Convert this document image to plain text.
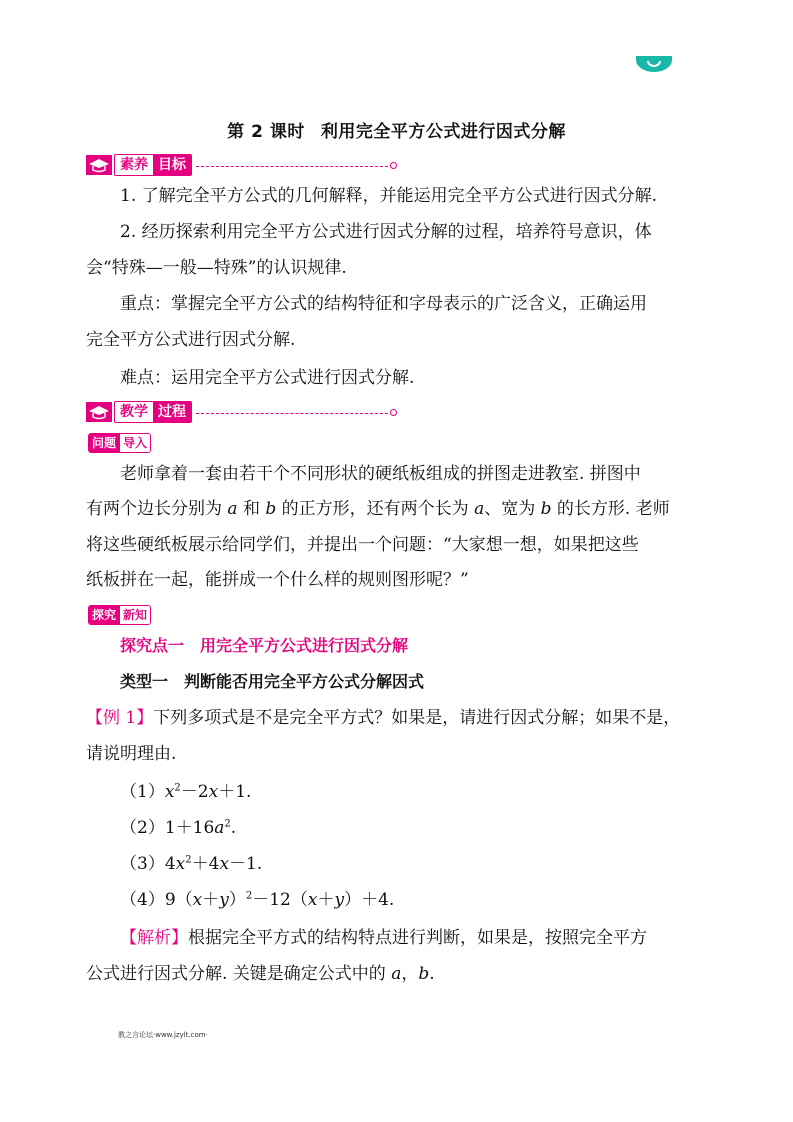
第 2 课时 利用完全平方公式进行因式分解
素养 目标
1. 了解完全平方公式的几何解释，并能运用完全平方公式进行因式分解.
2. 经历探索利用完全平方公式进行因式分解的过程，培养符号意识，体
会“特殊—一般—特殊”的认识规律.
重点：掌握完全平方公式的结构特征和字母表示的广泛含义，正确运用
完全平方公式进行因式分解.
难点：运用完全平方公式进行因式分解.
教学 过程
问题 导入
老师拿着一套由若干个不同形状的硬纸板组成的拼图走进教室. 拼图中
有两个边长分别为 a 和 b 的正方形，还有两个长为 a、宽为 b 的长方形. 老师
将这些硬纸板展示给同学们，并提出一个问题：“大家想一想，如果把这些
纸板拼在一起，能拼成一个什么样的规则图形呢？”
探究 新知
探究点一　用完全平方公式进行因式分解
类型一　判断能否用完全平方公式分解因式
【例 1】下列多项式是不是完全平方式？如果是，请进行因式分解；如果不是，
请说明理由.
$(1)x^2-2x+1$.
$(2)1+16a^2$.
$(3)4x^2+4x-1$.
$(4)9(x+y)^2-12(x+y)+4$.
【解析】根据完全平方式的结构特点进行判断，如果是，按照完全平方
公式进行因式分解. 关键是确定公式中的 a，b.
教之言论坛·www.jzylt.com·
